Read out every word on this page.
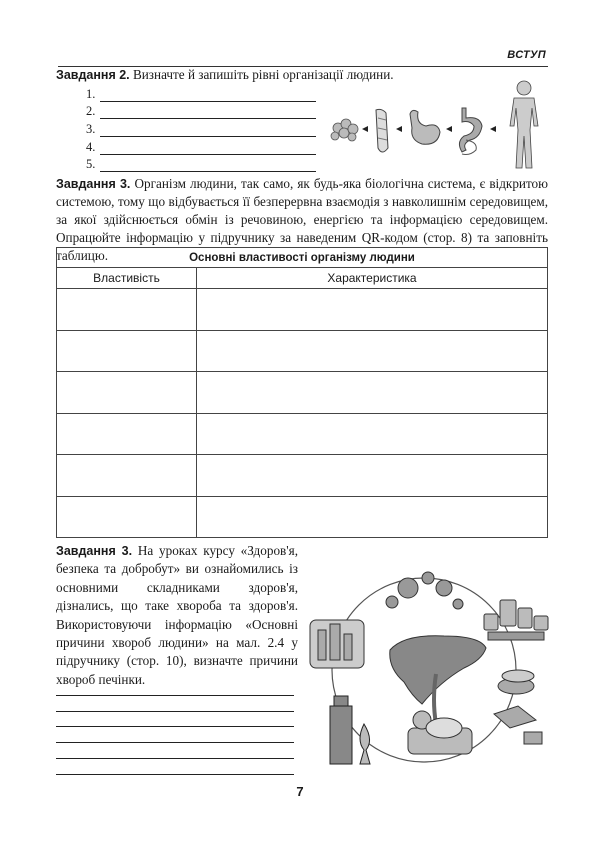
ВСТУП
Завдання 2. Визначте й запишіть рівні організації людини.
1.
2.
3.
4.
5.
Завдання 3. Організм людини, так само, як будь-яка біологічна система, є відкритою системою, тому що відбувається її безперервна взаємодія з навколишнім середовищем, за якої здійснюється обмін із речовиною, енергією та інформацією середовищем. Опрацюйте інформацію у підручнику за наведеним QR-кодом (стор. 8) та заповніть таблицю.	Основні властивості організму людини	
Властивість	Характеристика

Завдання 3. На уроках курсу «Здоров'я, безпека та добробут» ви ознайомились із основними складниками здоров'я, дізнались, що таке хвороба та здоров'я. Використовуючи інформацію «Основні причини хвороб людини» на мал. 2.4 у підручнику (стор. 10), визначте причини хвороб печінки.
7
